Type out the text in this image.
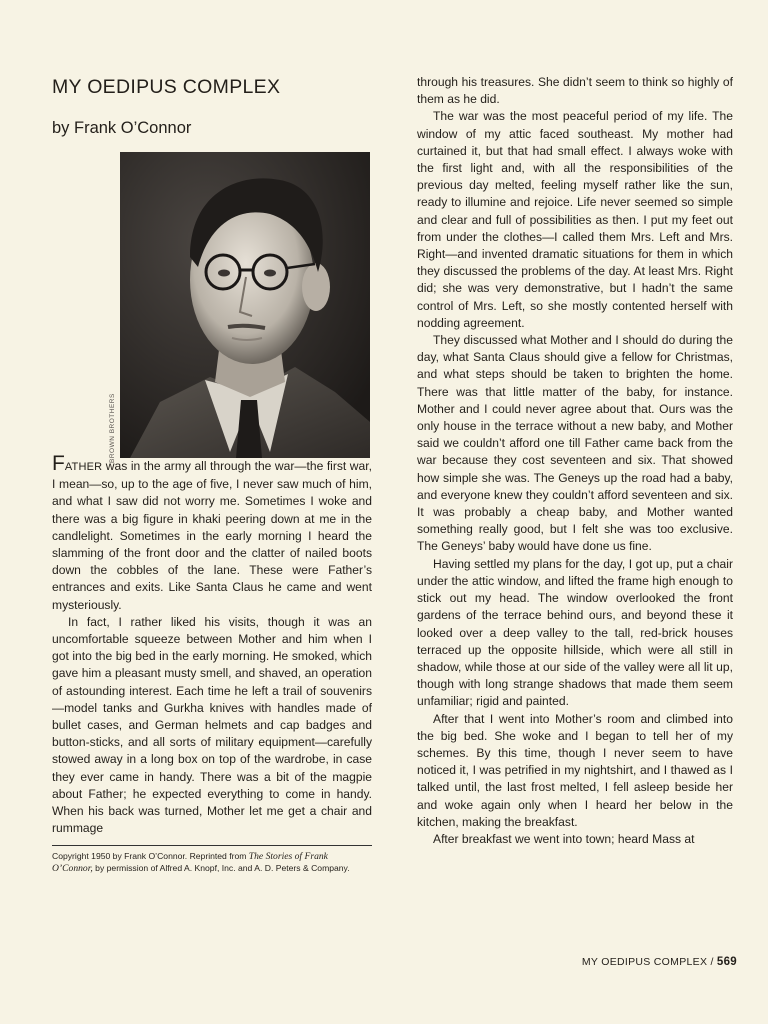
MY OEDIPUS COMPLEX
by Frank O’Connor
BROWN BROTHERS

FATHER was in the army all through the war—the first war, I mean—so, up to the age of five, I never saw much of him, and what I saw did not worry me. Sometimes I woke and there was a big figure in khaki peering down at me in the candlelight. Sometimes in the early morning I heard the slamming of the front door and the clatter of nailed boots down the cobbles of the lane. These were Father’s entrances and exits. Like Santa Claus he came and went mysteriously.

In fact, I rather liked his visits, though it was an uncomfortable squeeze between Mother and him when I got into the big bed in the early morning. He smoked, which gave him a pleasant musty smell, and shaved, an operation of astounding interest. Each time he left a trail of souvenirs—model tanks and Gurkha knives with handles made of bullet cases, and German helmets and cap badges and button-sticks, and all sorts of military equipment—carefully stowed away in a long box on top of the wardrobe, in case they ever came in handy. There was a bit of the magpie about Father; he expected everything to come in handy. When his back was turned, Mother let me get a chair and rummage

Copyright 1950 by Frank O’Connor. Reprinted from The Stories of Frank O’Connor, by permission of Alfred A. Knopf, Inc. and A. D. Peters & Company.

through his treasures. She didn’t seem to think so highly of them as he did.

The war was the most peaceful period of my life. The window of my attic faced southeast. My mother had curtained it, but that had small effect. I always woke with the first light and, with all the responsibilities of the previous day melted, feeling myself rather like the sun, ready to illumine and rejoice. Life never seemed so simple and clear and full of possibilities as then. I put my feet out from under the clothes—I called them Mrs. Left and Mrs. Right—and invented dramatic situations for them in which they discussed the problems of the day. At least Mrs. Right did; she was very demonstrative, but I hadn’t the same control of Mrs. Left, so she mostly contented herself with nodding agreement.

They discussed what Mother and I should do during the day, what Santa Claus should give a fellow for Christmas, and what steps should be taken to brighten the home. There was that little matter of the baby, for instance. Mother and I could never agree about that. Ours was the only house in the terrace without a new baby, and Mother said we couldn’t afford one till Father came back from the war because they cost seventeen and six. That showed how simple she was. The Geneys up the road had a baby, and everyone knew they couldn’t afford seventeen and six. It was probably a cheap baby, and Mother wanted something really good, but I felt she was too exclusive. The Geneys’ baby would have done us fine.

Having settled my plans for the day, I got up, put a chair under the attic window, and lifted the frame high enough to stick out my head. The window overlooked the front gardens of the terrace behind ours, and beyond these it looked over a deep valley to the tall, red-brick houses terraced up the opposite hillside, which were all still in shadow, while those at our side of the valley were all lit up, though with long strange shadows that made them seem unfamiliar; rigid and painted.

After that I went into Mother’s room and climbed into the big bed. She woke and I began to tell her of my schemes. By this time, though I never seem to have noticed it, I was petrified in my nightshirt, and I thawed as I talked until, the last frost melted, I fell asleep beside her and woke again only when I heard her below in the kitchen, making the breakfast.

After breakfast we went into town; heard Mass at

MY OEDIPUS COMPLEX / 569
